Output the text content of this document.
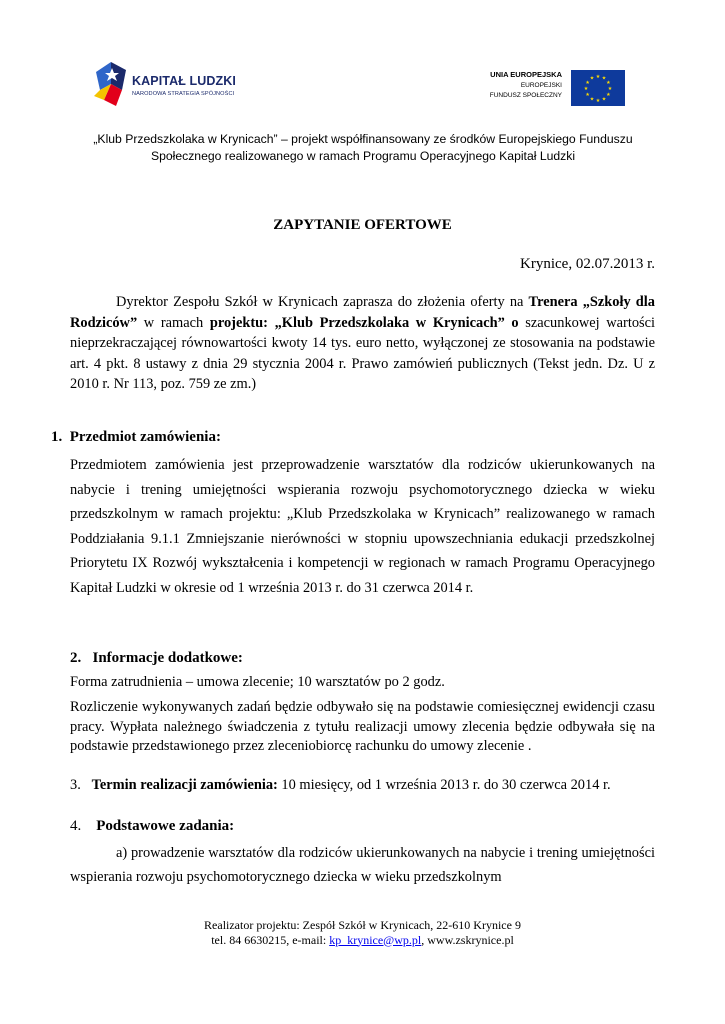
KAPITAŁ LUDZKI
NARODOWA STRATEGIA SPÓJNOŚCI
UNIA EUROPEJSKA
EUROPEJSKI
FUNDUSZ SPOŁECZNY
★ ★
★
★
★
★
★
★
★
★
★
★
„Klub Przedszkolaka w Krynicach” – projekt współfinansowany ze środków Europejskiego Funduszu
Społecznego realizowanego w ramach Programu Operacyjnego Kapitał Ludzki
ZAPYTANIE OFERTOWE
Krynice, 02.07.2013 r.
Dyrektor Zespołu Szkół w Krynicach zaprasza do złożenia oferty na Trenera „Szkoły dla Rodziców” w ramach projektu: „Klub Przedszkolaka w Krynicach” o szacunkowej wartości nieprzekraczającej równowartości kwoty 14 tys. euro netto, wyłączonej ze stosowania na podstawie art. 4 pkt. 8 ustawy z dnia 29 stycznia 2004 r. Prawo zamówień publicznych (Tekst jedn. Dz. U z 2010 r. Nr 113, poz. 759 ze zm.)
1. Przedmiot zamówienia:
Przedmiotem zamówienia jest przeprowadzenie warsztatów dla rodziców ukierunkowanych na nabycie i trening umiejętności wspierania rozwoju psychomotorycznego dziecka w wieku przedszkolnym w ramach projektu: „Klub Przedszkolaka w Krynicach” realizowanego w ramach Poddziałania 9.1.1 Zmniejszanie nierówności w stopniu upowszechniania edukacji przedszkolnej Priorytetu IX Rozwój wykształcenia i kompetencji w regionach w ramach Programu Operacyjnego Kapitał Ludzki w okresie od 1 września 2013 r. do 31 czerwca 2014 r.
2. Informacje dodatkowe:
Forma zatrudnienia – umowa zlecenie; 10 warsztatów po 2 godz.
Rozliczenie wykonywanych zadań będzie odbywało się na podstawie comiesięcznej ewidencji czasu pracy. Wypłata należnego świadczenia z tytułu realizacji umowy zlecenia będzie odbywała się na podstawie przedstawionego przez zleceniobiorcę rachunku do umowy zlecenie .
3. Termin realizacji zamówienia: 10 miesięcy, od 1 września 2013 r. do 30 czerwca 2014 r.
4. Podstawowe zadania:
a) prowadzenie warsztatów dla rodziców ukierunkowanych na nabycie i trening umiejętności wspierania rozwoju psychomotorycznego dziecka w wieku przedszkolnym
Realizator projektu: Zespół Szkół w Krynicach, 22-610 Krynice 9
tel. 84 6630215, e-mail: kp_krynice@wp.pl, www.zskrynice.pl
